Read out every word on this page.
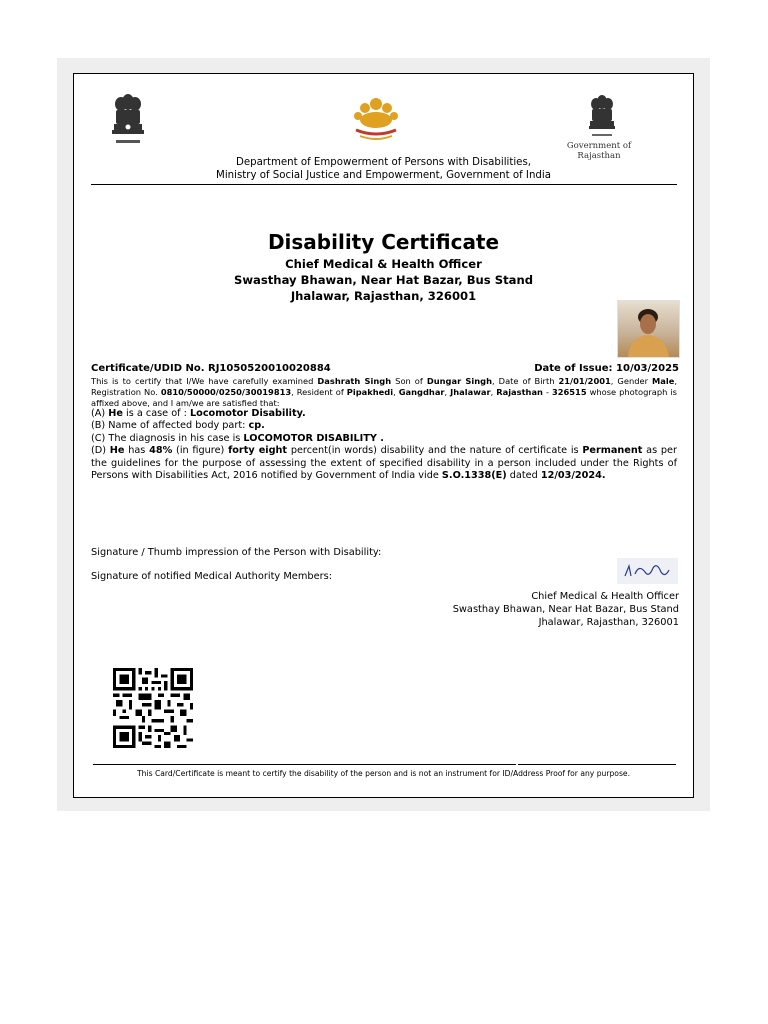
Government of Rajasthan
Department of Empowerment of Persons with Disabilities,
Ministry of Social Justice and Empowerment, Government of India
Disability Certificate
Chief Medical & Health Officer
Swasthay Bhawan, Near Hat Bazar, Bus Stand
Jhalawar, Rajasthan, 326001
Certificate/UDID No. RJ1050520010020884	Date of Issue: 10/03/2025
This is to certify that I/We have carefully examined Dashrath Singh Son of Dungar Singh, Date of Birth 21/01/2001, Gender Male, Registration No. 0810/50000/0250/30019813, Resident of Pipakhedi, Gangdhar, Jhalawar, Rajasthan - 326515 whose photograph is affixed above, and I am/we are satisfied that:
(A) He is a case of : Locomotor Disability.
(B) Name of affected body part: cp.
(C) The diagnosis in his case is LOCOMOTOR DISABILITY .
(D) He has 48% (in figure) forty eight percent(in words) disability and the nature of certificate is Permanent as per the guidelines for the purpose of assessing the extent of specified disability in a person included under the Rights of Persons with Disabilities Act, 2016 notified by Government of India vide S.O.1338(E) dated 12/03/2024.
Signature / Thumb impression of the Person with Disability:
Signature of notified Medical Authority Members:
Chief Medical & Health Officer
Swasthay Bhawan, Near Hat Bazar, Bus Stand
Jhalawar, Rajasthan, 326001
This Card/Certificate is meant to certify the disability of the person and is not an instrument for ID/Address Proof for any purpose.
